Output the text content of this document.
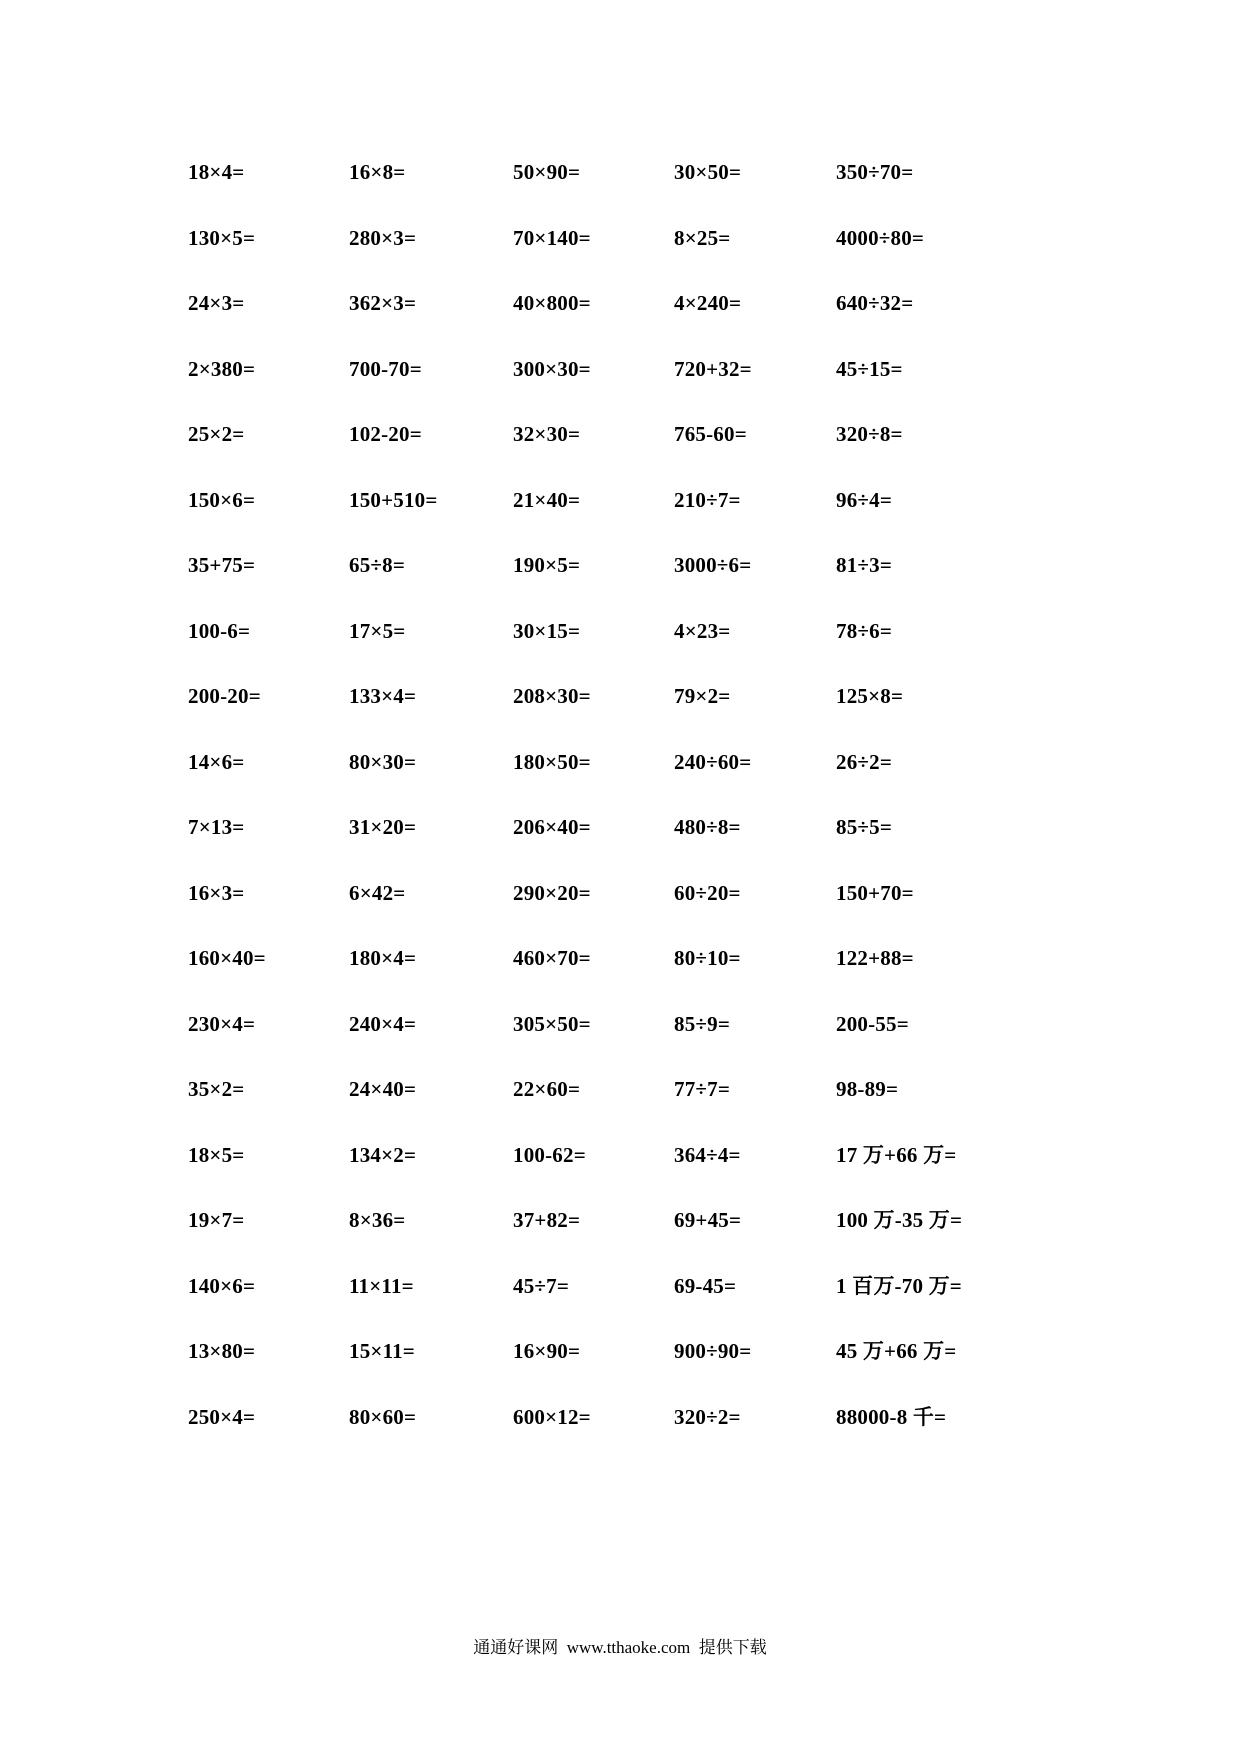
18×4=	16×8=	50×90=	30×50=	350÷70=
130×5=	280×3=	70×140=	8×25=	4000÷80=
24×3=	362×3=	40×800=	4×240=	640÷32=
2×380=	700-70=	300×30=	720+32=	45÷15=
25×2=	102-20=	32×30=	765-60=	320÷8=
150×6=	150+510=	21×40=	210÷7=	96÷4=
35+75=	65÷8=	190×5=	3000÷6=	81÷3=
100-6=	17×5=	30×15=	4×23=	78÷6=
200-20=	133×4=	208×30=	79×2=	125×8=
14×6=	80×30=	180×50=	240÷60=	26÷2=
7×13=	31×20=	206×40=	480÷8=	85÷5=
16×3=	6×42=	290×20=	60÷20=	150+70=
160×40=	180×4=	460×70=	80÷10=	122+88=
230×4=	240×4=	305×50=	85÷9=	200-55=
35×2=	24×40=	22×60=	77÷7=	98-89=
18×5=	134×2=	100-62=	364÷4=	17 万+66 万=
19×7=	8×36=	37+82=	69+45=	100 万-35 万=
140×6=	11×11=	45÷7=	69-45=	1 百万-70 万=
13×80=	15×11=	16×90=	900÷90=	45 万+66 万=
250×4=	80×60=	600×12=	320÷2=	88000-8 千=
通通好课网  www.tthaoke.com  提供下载
